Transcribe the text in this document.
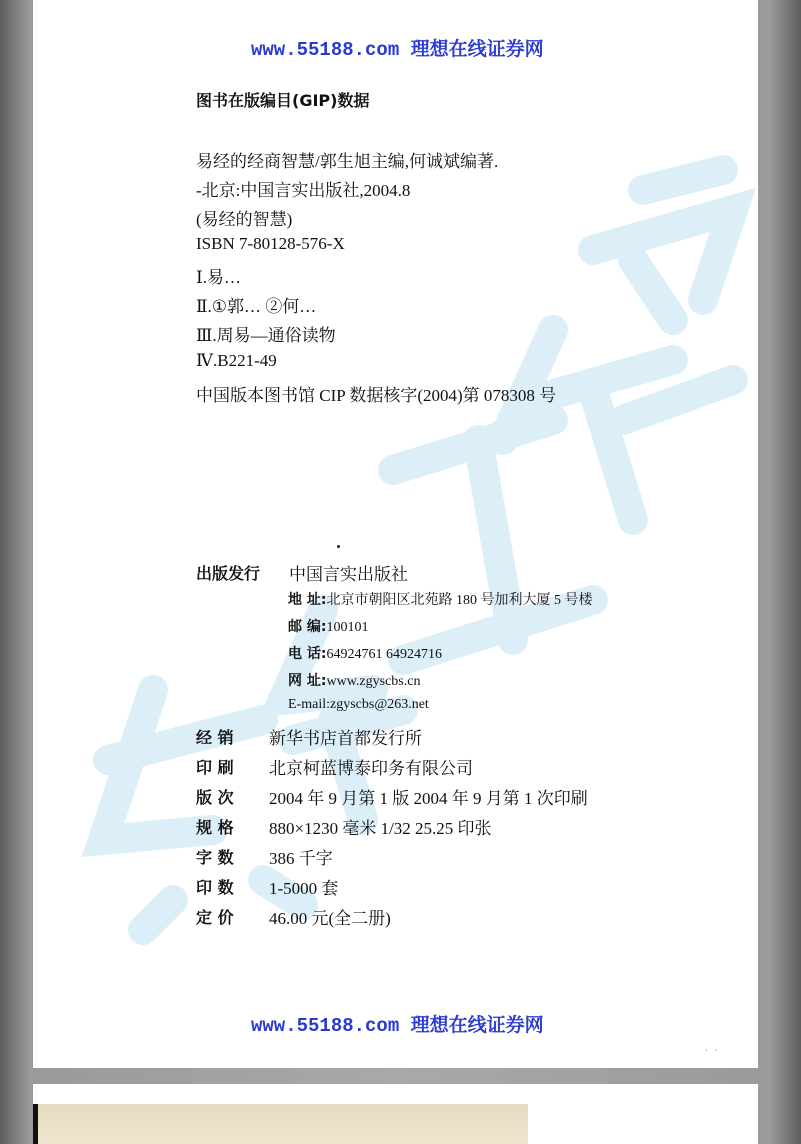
www.55188.com 理想在线证券网
图书在版编目(GIP)数据
易经的经商智慧/郭生旭主编,何诚斌编著.
-北京:中国言实出版社,2004.8
(易经的智慧)
ISBN 7-80128-576-X
Ⅰ.易…
Ⅱ.①郭… ②何…
Ⅲ.周易—通俗读物
Ⅳ.B221-49
中国版本图书馆 CIP 数据核字(2004)第 078308 号
出版发行 中国言实出版社
地 址:北京市朝阳区北苑路 180 号加利大厦 5 号楼
邮 编:100101
电 话:64924761 64924716
网 址:www.zgyscbs.cn
E-mail:zgyscbs@263.net
经 销 新华书店首都发行所
印 刷 北京柯蓝博泰印务有限公司
版 次 2004 年 9 月第 1 版 2004 年 9 月第 1 次印刷
规 格 880×1230 毫米 1/32 25.25 印张
字 数 386 千字
印 数 1-5000 套
定 价 46.00 元(全二册)
www.55188.com 理想在线证券网
· ·
